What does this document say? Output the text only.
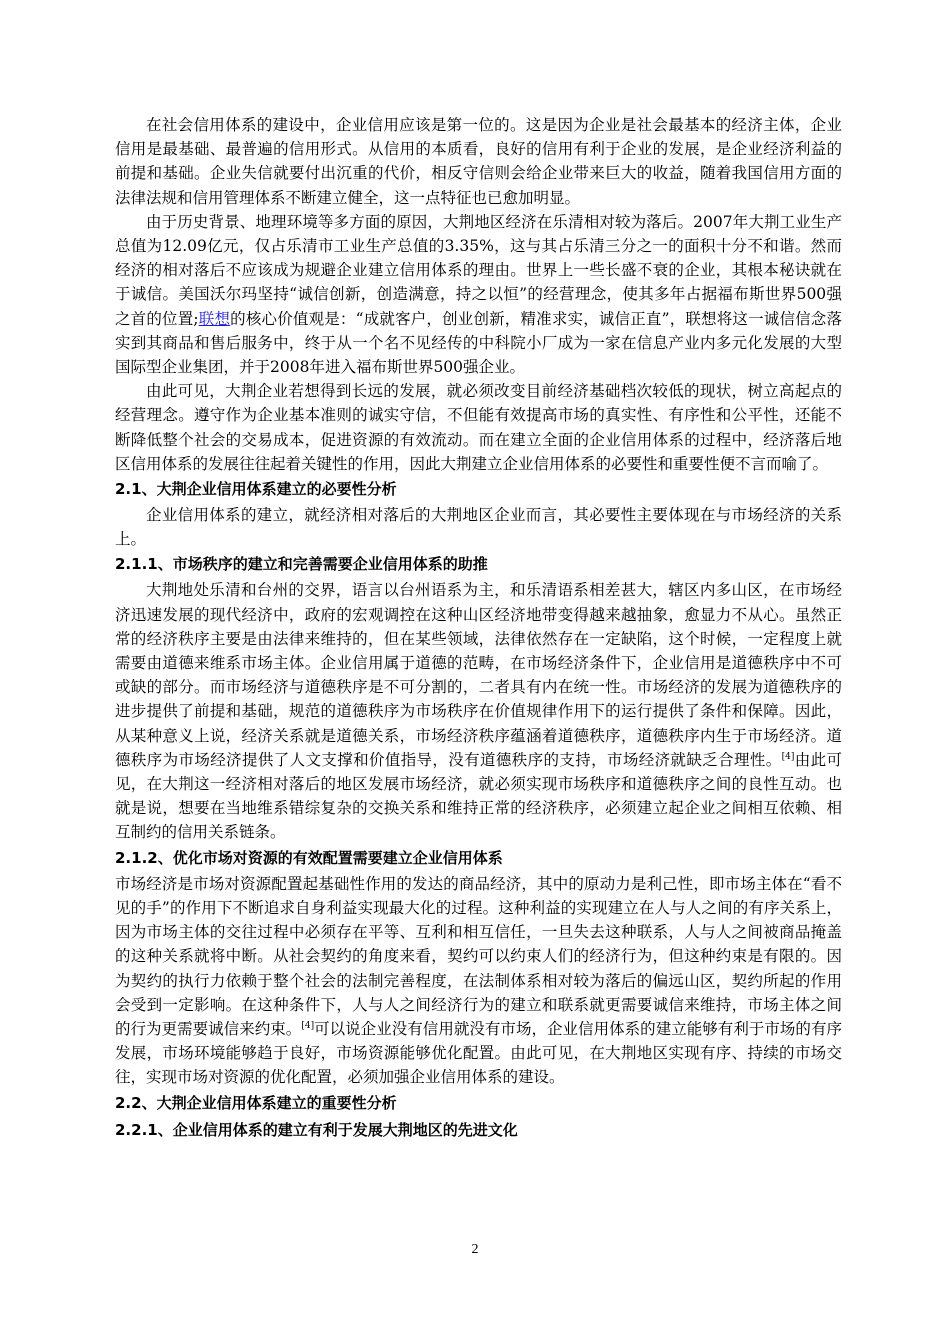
在社会信用体系的建设中，企业信用应该是第一位的。这是因为企业是社会最基本的经济主体，企业信用是最基础、最普遍的信用形式。从信用的本质看，良好的信用有利于企业的发展，是企业经济利益的前提和基础。企业失信就要付出沉重的代价，相反守信则会给企业带来巨大的收益，随着我国信用方面的法律法规和信用管理体系不断建立健全，这一点特征也已愈加明显。

由于历史背景、地理环境等多方面的原因，大荆地区经济在乐清相对较为落后。2007年大荆工业生产总值为12.09亿元，仅占乐清市工业生产总值的3.35%，这与其占乐清三分之一的面积十分不和谐。然而经济的相对落后不应该成为规避企业建立信用体系的理由。世界上一些长盛不衰的企业，其根本秘诀就在于诚信。美国沃尔玛坚持“诚信创新，创造满意，持之以恒”的经营理念，使其多年占据福布斯世界500强之首的位置;联想的核心价值观是：“成就客户，创业创新，精准求实，诚信正直”，联想将这一诚信信念落实到其商品和售后服务中，终于从一个名不见经传的中科院小厂成为一家在信息产业内多元化发展的大型国际型企业集团，并于2008年进入福布斯世界500强企业。

由此可见，大荆企业若想得到长远的发展，就必须改变目前经济基础档次较低的现状，树立高起点的经营理念。遵守作为企业基本准则的诚实守信，不但能有效提高市场的真实性、有序性和公平性，还能不断降低整个社会的交易成本，促进资源的有效流动。而在建立全面的企业信用体系的过程中，经济落后地区信用体系的发展往往起着关键性的作用，因此大荆建立企业信用体系的必要性和重要性便不言而喻了。

2.1、大荆企业信用体系建立的必要性分析

企业信用体系的建立，就经济相对落后的大荆地区企业而言，其必要性主要体现在与市场经济的关系上。

2.1.1、市场秩序的建立和完善需要企业信用体系的助推

大荆地处乐清和台州的交界，语言以台州语系为主，和乐清语系相差甚大，辖区内多山区，在市场经济迅速发展的现代经济中，政府的宏观调控在这种山区经济地带变得越来越抽象，愈显力不从心。虽然正常的经济秩序主要是由法律来维持的，但在某些领域，法律依然存在一定缺陷，这个时候，一定程度上就需要由道德来维系市场主体。企业信用属于道德的范畴，在市场经济条件下，企业信用是道德秩序中不可或缺的部分。而市场经济与道德秩序是不可分割的，二者具有内在统一性。市场经济的发展为道德秩序的进步提供了前提和基础，规范的道德秩序为市场秩序在价值规律作用下的运行提供了条件和保障。因此，从某种意义上说，经济关系就是道德关系，市场经济秩序蕴涵着道德秩序，道德秩序内生于市场经济。道德秩序为市场经济提供了人文支撑和价值指导，没有道德秩序的支持，市场经济就缺乏合理性。[4]由此可见，在大荆这一经济相对落后的地区发展市场经济，就必须实现市场秩序和道德秩序之间的良性互动。也就是说，想要在当地维系错综复杂的交换关系和维持正常的经济秩序，必须建立起企业之间相互依赖、相互制约的信用关系链条。

2.1.2、优化市场对资源的有效配置需要建立企业信用体系

市场经济是市场对资源配置起基础性作用的发达的商品经济，其中的原动力是利己性，即市场主体在“看不见的手”的作用下不断追求自身利益实现最大化的过程。这种利益的实现建立在人与人之间的有序关系上，因为市场主体的交往过程中必须存在平等、互利和相互信任，一旦失去这种联系，人与人之间被商品掩盖的这种关系就将中断。从社会契约的角度来看，契约可以约束人们的经济行为，但这种约束是有限的。因为契约的执行力依赖于整个社会的法制完善程度，在法制体系相对较为落后的偏远山区，契约所起的作用会受到一定影响。在这种条件下，人与人之间经济行为的建立和联系就更需要诚信来维持，市场主体之间的行为更需要诚信来约束。[4]可以说企业没有信用就没有市场，企业信用体系的建立能够有利于市场的有序发展，市场环境能够趋于良好，市场资源能够优化配置。由此可见，在大荆地区实现有序、持续的市场交往，实现市场对资源的优化配置，必须加强企业信用体系的建设。

2.2、大荆企业信用体系建立的重要性分析

2.2.1、企业信用体系的建立有利于发展大荆地区的先进文化

2
